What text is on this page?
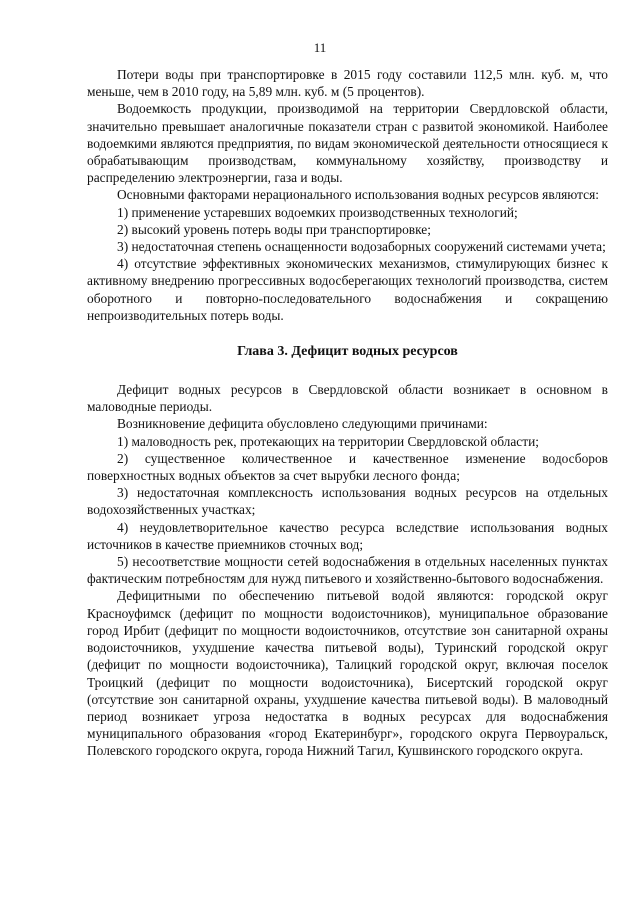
11

Потери воды при транспортировке в 2015 году составили 112,5 млн. куб. м, что меньше, чем в 2010 году, на 5,89 млн. куб. м (5 процентов).

Водоемкость продукции, производимой на территории Свердловской области, значительно превышает аналогичные показатели стран с развитой экономикой. Наиболее водоемкими являются предприятия, по видам экономической деятельности относящиеся к обрабатывающим производствам, коммунальному хозяйству, производству и распределению электроэнергии, газа и воды.

Основными факторами нерационального использования водных ресурсов являются:

1) применение устаревших водоемких производственных технологий;

2) высокий уровень потерь воды при транспортировке;

3) недостаточная степень оснащенности водозаборных сооружений системами учета;

4) отсутствие эффективных экономических механизмов, стимулирующих бизнес к активному внедрению прогрессивных водосберегающих технологий производства, систем оборотного и повторно-последовательного водоснабжения и сокращению непроизводительных потерь воды.

Глава 3. Дефицит водных ресурсов

Дефицит водных ресурсов в Свердловской области возникает в основном в маловодные периоды.

Возникновение дефицита обусловлено следующими причинами:

1) маловодность рек, протекающих на территории Свердловской области;

2) существенное количественное и качественное изменение водосборов поверхностных водных объектов за счет вырубки лесного фонда;

3) недостаточная комплексность использования водных ресурсов на отдельных водохозяйственных участках;

4) неудовлетворительное качество ресурса вследствие использования водных источников в качестве приемников сточных вод;

5) несоответствие мощности сетей водоснабжения в отдельных населенных пунктах фактическим потребностям для нужд питьевого и хозяйственно-бытового водоснабжения.

Дефицитными по обеспечению питьевой водой являются: городской округ Красноуфимск (дефицит по мощности водоисточников), муниципальное образование город Ирбит (дефицит по мощности водоисточников, отсутствие зон санитарной охраны водоисточников, ухудшение качества питьевой воды), Туринский городской округ (дефицит по мощности водоисточника), Талицкий городской округ, включая поселок Троицкий (дефицит по мощности водоисточника), Бисертский городской округ (отсутствие зон санитарной охраны, ухудшение качества питьевой воды). В маловодный период возникает угроза недостатка в водных ресурсах для водоснабжения муниципального образования «город Екатеринбург», городского округа Первоуральск, Полевского городского округа, города Нижний Тагил, Кушвинского городского округа.
